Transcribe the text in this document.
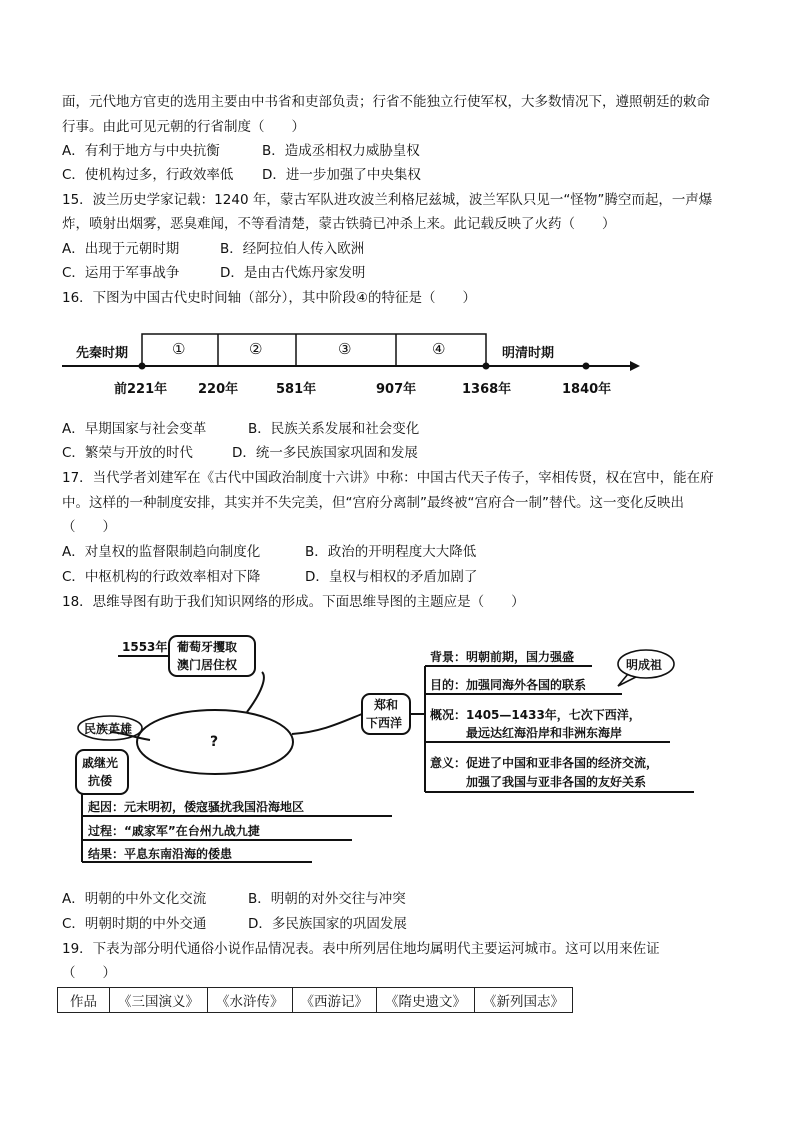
面，元代地方官吏的选用主要由中书省和吏部负责；行省不能独立行使军权，大多数情况下，遵照朝廷的敕命
行事。由此可见元朝的行省制度（　　）
A．有利于地方与中央抗衡	B．造成丞相权力威胁皇权
C．使机构过多，行政效率低 D．进一步加强了中央集权
15．波兰历史学家记载：1240 年，蒙古军队进攻波兰利格尼兹城，波兰军队只见一“怪物”腾空而起，一声爆
炸，喷射出烟雾，恶臭难闻，不等看清楚，蒙古铁骑已冲杀上来。此记载反映了火药（　　）
A．出现于元朝时期	B．经阿拉伯人传入欧洲
C．运用于军事战争	D．是由古代炼丹家发明
16．下图为中国古代史时间轴（部分），其中阶段④的特征是（　　）
先秦时期	明清时期
①	②	③	④
前221年 220年	581年	907年	1368年	1840年
A．早期国家与社会变革	B．民族关系发展和社会变化
C．繁荣与开放的时代	D．统一多民族国家巩固和发展
17．当代学者刘建军在《古代中国政治制度十六讲》中称：中国古代天子传子，宰相传贤，权在宫中，能在府
中。这样的一种制度安排，其实并不失完美，但“宫府分离制”最终被“宫府合一制”替代。这一变化反映出
（　　）
A．对皇权的监督限制趋向制度化	B．政治的开明程度大大降低
C．中枢机构的行政效率相对下降	D．皇权与相权的矛盾加剧了
18．思维导图有助于我们知识网络的形成。下面思维导图的主题应是（　　）
?
1553年 葡萄牙攫取
澳门居住权
郑和
下西洋
明成祖
背景：明朝前期，国力强盛
目的：加强同海外各国的联系
概况：1405—1433年，七次下西洋，
最远达红海沿岸和非洲东海岸
意义：促进了中国和亚非各国的经济交流，
加强了我国与亚非各国的友好关系
民族英雄
戚继光
抗倭
起因：元末明初，倭寇骚扰我国沿海地区
过程：“戚家军”在台州九战九捷
结果：平息东南沿海的倭患
A．明朝的中外文化交流	B．明朝的对外交往与冲突
C．明朝时期的中外交通	D．多民族国家的巩固发展
19．下表为部分明代通俗小说作品情况表。表中所列居住地均属明代主要运河城市。这可以用来佐证
（　　）
作品	《三国演义》	《水浒传》	《西游记》	《隋史遗文》	《新列国志》
